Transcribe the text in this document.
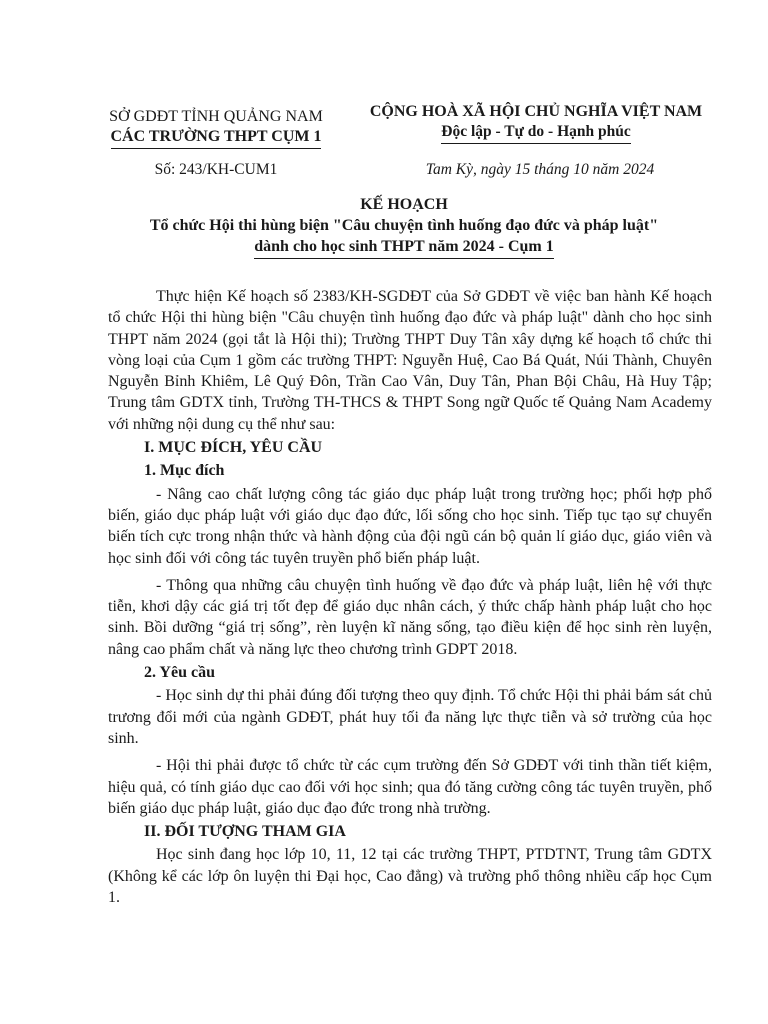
SỞ GDĐT TỈNH QUẢNG NAM
CÁC TRƯỜNG THPT CỤM 1
CỘNG HOÀ XÃ HỘI CHỦ NGHĨA VIỆT NAM
Độc lập - Tự do - Hạnh phúc
Số: 243/KH-CUM1	Tam Kỳ, ngày 15 tháng 10 năm 2024
KẾ HOẠCH
Tổ chức Hội thi hùng biện "Câu chuyện tình huống đạo đức và pháp luật"
dành cho học sinh THPT năm 2024 - Cụm 1

Thực hiện Kế hoạch số 2383/KH-SGDĐT của Sở GDĐT về việc ban hành Kế hoạch tổ chức Hội thi hùng biện "Câu chuyện tình huống đạo đức và pháp luật" dành cho học sinh THPT năm 2024 (gọi tắt là Hội thi); Trường THPT Duy Tân xây dựng kế hoạch tổ chức thi vòng loại của Cụm 1 gồm các trường THPT: Nguyễn Huệ, Cao Bá Quát, Núi Thành, Chuyên Nguyễn Bỉnh Khiêm, Lê Quý Đôn, Trần Cao Vân, Duy Tân, Phan Bội Châu, Hà Huy Tập; Trung tâm GDTX tỉnh, Trường TH-THCS & THPT Song ngữ Quốc tế Quảng Nam Academy với những nội dung cụ thể như sau:

I. MỤC ĐÍCH, YÊU CẦU

1. Mục đích

- Nâng cao chất lượng công tác giáo dục pháp luật trong trường học; phối hợp phổ biến, giáo dục pháp luật với giáo dục đạo đức, lối sống cho học sinh. Tiếp tục tạo sự chuyển biến tích cực trong nhận thức và hành động của đội ngũ cán bộ quản lí giáo dục, giáo viên và học sinh đối với công tác tuyên truyền phổ biến pháp luật.

- Thông qua những câu chuyện tình huống về đạo đức và pháp luật, liên hệ với thực tiễn, khơi dậy các giá trị tốt đẹp để giáo dục nhân cách, ý thức chấp hành pháp luật cho học sinh. Bồi dưỡng “giá trị sống”, rèn luyện kĩ năng sống, tạo điều kiện để học sinh rèn luyện, nâng cao phẩm chất và năng lực theo chương trình GDPT 2018.

2. Yêu cầu

- Học sinh dự thi phải đúng đối tượng theo quy định. Tổ chức Hội thi phải bám sát chủ trương đổi mới của ngành GDĐT, phát huy tối đa năng lực thực tiễn và sở trường của học sinh.

- Hội thi phải được tổ chức từ các cụm trường đến Sở GDĐT với tinh thần tiết kiệm, hiệu quả, có tính giáo dục cao đối với học sinh; qua đó tăng cường công tác tuyên truyền, phổ biến giáo dục pháp luật, giáo dục đạo đức trong nhà trường.

II. ĐỐI TƯỢNG THAM GIA

Học sinh đang học lớp 10, 11, 12 tại các trường THPT, PTDTNT, Trung tâm GDTX (Không kể các lớp ôn luyện thi Đại học, Cao đẳng) và trường phổ thông nhiều cấp học Cụm 1.
